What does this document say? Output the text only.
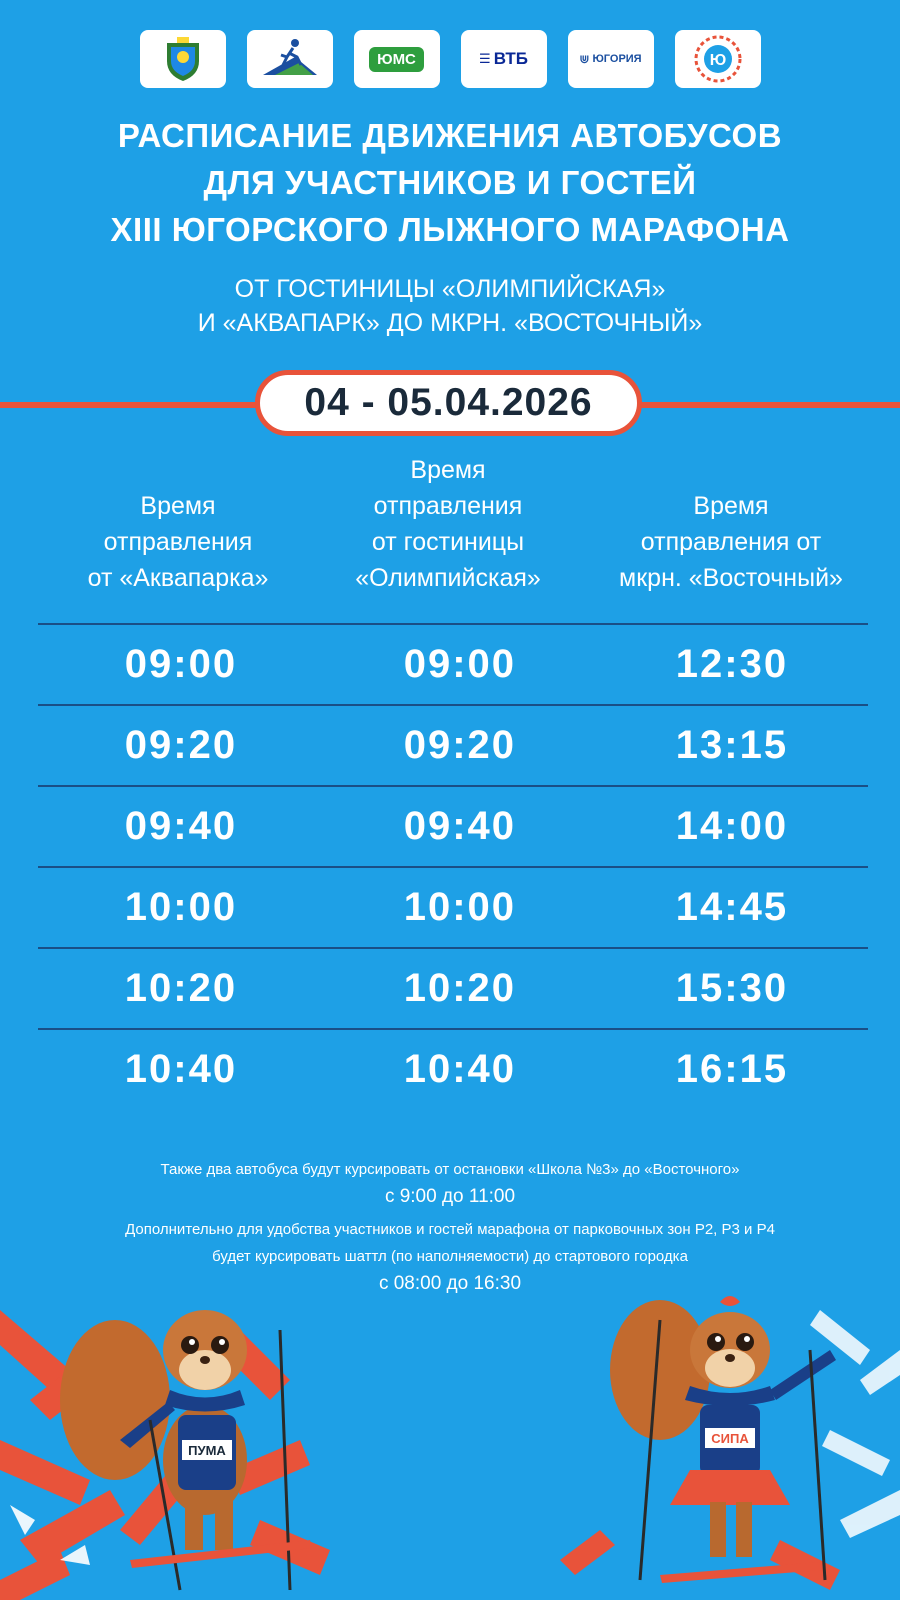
ЮМС	☰ ВТБ	⋓ ЮГОРИЯ	Ю
РАСПИСАНИЕ ДВИЖЕНИЯ АВТОБУСОВ
ДЛЯ УЧАСТНИКОВ И ГОСТЕЙ
XIII ЮГОРСКОГО ЛЫЖНОГО МАРАФОНА
ОТ ГОСТИНИЦЫ «ОЛИМПИЙСКАЯ»
И «АКВАПАРК» ДО МКРН. «ВОСТОЧНЫЙ»
04 - 05.04.2026
Время
отправления
от «Аквапарка»
Время
отправления
от гостиницы
«Олимпийская»
Время
отправления от
мкрн. «Восточный»
09:00	09:00	12:30
09:20	09:20	13:15
09:40	09:40	14:00
10:00	10:00	14:45
10:20	10:20	15:30
10:40	10:40	16:15
Также два автобуса будут курсировать от остановки «Школа №3» до «Восточного»
с 9:00 до 11:00
Дополнительно для удобства участников и гостей марафона от парковочных зон Р2, Р3 и Р4
будет курсировать шаттл (по наполняемости) до стартового городка
с 08:00 до 16:30
ПУМА
СИПА
